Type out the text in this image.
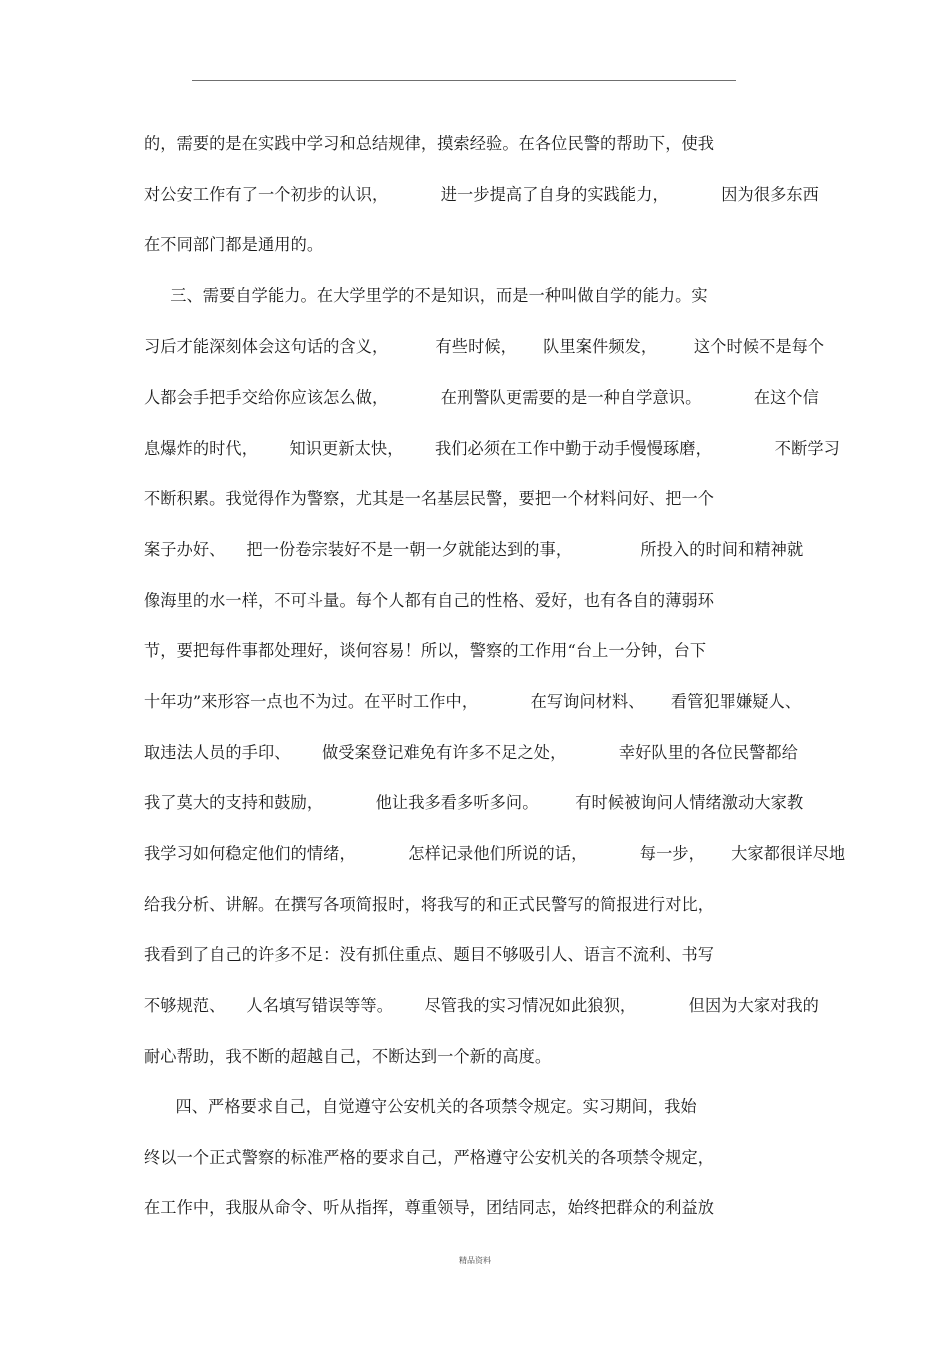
的，需要的是在实践中学习和总结规律，摸索经验。在各位民警的帮助下，使我
对公安工作有了一个初步的认识，          进一步提高了自身的实践能力，          因为很多东西
在不同部门都是通用的。
三、需要自学能力。在大学里学的不是知识，而是一种叫做自学的能力。实
习后才能深刻体会这句话的含义，         有些时候，     队里案件频发，       这个时候不是每个
人都会手把手交给你应该怎么做，          在刑警队更需要的是一种自学意识。          在这个信
息爆炸的时代，      知识更新太快，      我们必须在工作中勤于动手慢慢琢磨，            不断学习
不断积累。我觉得作为警察，尤其是一名基层民警，要把一个材料问好、把一个
案子办好、    把一份卷宗装好不是一朝一夕就能达到的事，             所投入的时间和精神就
像海里的水一样，不可斗量。每个人都有自己的性格、爱好，也有各自的薄弱环
节，要把每件事都处理好，谈何容易！所以，警察的工作用“台上一分钟，台下
十年功”来形容一点也不为过。在平时工作中，          在写询问材料、     看管犯罪嫌疑人、
取违法人员的手印、      做受案登记难免有许多不足之处，          幸好队里的各位民警都给
我了莫大的支持和鼓励，          他让我多看多听多问。       有时候被询问人情绪激动大家教
我学习如何稳定他们的情绪，          怎样记录他们所说的话，          每一步，     大家都很详尽地
给我分析、讲解。在撰写各项简报时，将我写的和正式民警写的简报进行对比，
我看到了自己的许多不足：没有抓住重点、题目不够吸引人、语言不流利、书写
不够规范、    人名填写错误等等。      尽管我的实习情况如此狼狈，          但因为大家对我的
耐心帮助，我不断的超越自己，不断达到一个新的高度。
四、严格要求自己，自觉遵守公安机关的各项禁令规定。实习期间，我始
终以一个正式警察的标准严格的要求自己，严格遵守公安机关的各项禁令规定，
在工作中，我服从命令、听从指挥，尊重领导，团结同志，始终把群众的利益放
精品资料
